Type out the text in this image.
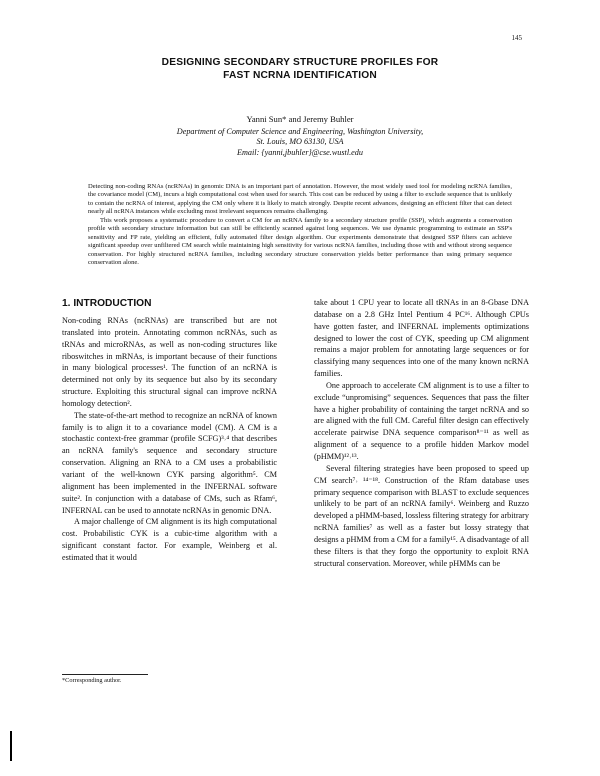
145
DESIGNING SECONDARY STRUCTURE PROFILES FOR
FAST NCRNA IDENTIFICATION
Yanni Sun* and Jeremy Buhler
Department of Computer Science and Engineering, Washington University,
St. Louis, MO 63130, USA
Email: {yanni,jbuhler}@cse.wustl.edu

Detecting non-coding RNAs (ncRNAs) in genomic DNA is an important part of annotation. However, the most widely used tool for modeling ncRNA families, the covariance model (CM), incurs a high computational cost when used for search. This cost can be reduced by using a filter to exclude sequence that is unlikely to contain the ncRNA of interest, applying the CM only where it is likely to match strongly. Despite recent advances, designing an efficient filter that can detect nearly all ncRNA instances while excluding most irrelevant sequences remains challenging.

This work proposes a systematic procedure to convert a CM for an ncRNA family to a secondary structure profile (SSP), which augments a conservation profile with secondary structure information but can still be efficiently scanned against long sequences. We use dynamic programming to estimate an SSP's sensitivity and FP rate, yielding an efficient, fully automated filter design algorithm. Our experiments demonstrate that designed SSP filters can achieve significant speedup over unfiltered CM search while maintaining high sensitivity for various ncRNA families, including those with and without strong sequence conservation. For highly structured ncRNA families, including secondary structure conservation yields better performance than using primary sequence conservation alone.

1. INTRODUCTION

Non-coding RNAs (ncRNAs) are transcribed but are not translated into protein. Annotating common ncRNAs, such as tRNAs and microRNAs, as well as non-coding structures like riboswitches in mRNAs, is important because of their functions in many biological processes¹. The function of an ncRNA is determined not only by its sequence but also by its secondary structure. Exploiting this structural signal can improve ncRNA homology detection².

The state-of-the-art method to recognize an ncRNA of known family is to align it to a covariance model (CM). A CM is a stochastic context-free grammar (profile SCFG)³˒⁴ that describes an ncRNA family's sequence and secondary structure conservation. Aligning an RNA to a CM uses a probabilistic variant of the well-known CYK parsing algorithm⁵. CM alignment has been implemented in the INFERNAL software suite². In conjunction with a database of CMs, such as Rfam⁶, INFERNAL can be used to annotate ncRNAs in genomic DNA.

A major challenge of CM alignment is its high computational cost. Probabilistic CYK is a cubic-time algorithm with a significant constant factor. For example, Weinberg et al. estimated that it would

take about 1 CPU year to locate all tRNAs in an 8-Gbase DNA database on a 2.8 GHz Intel Pentium 4 PC¹⁶. Although CPUs have gotten faster, and INFERNAL implements optimizations designed to lower the cost of CYK, speeding up CM alignment remains a major problem for annotating large sequences or for classifying many sequences into one of the many known ncRNA families.

One approach to accelerate CM alignment is to use a filter to exclude “unpromising” sequences. Sequences that pass the filter have a higher probability of containing the target ncRNA and so are aligned with the full CM. Careful filter design can effectively accelerate pairwise DNA sequence comparison⁸⁻¹¹ as well as alignment of a sequence to a profile hidden Markov model (pHMM)¹²˒¹³.

Several filtering strategies have been proposed to speed up CM search⁷˒ ¹⁴⁻¹⁸. Construction of the Rfam database uses primary sequence comparison with BLAST to exclude sequences unlikely to be part of an ncRNA family⁶. Weinberg and Ruzzo developed a pHMM-based, lossless filtering strategy for arbitrary ncRNA families⁷ as well as a faster but lossy strategy that designs a pHMM from a CM for a family¹⁵. A disadvantage of all these filters is that they forgo the opportunity to exploit RNA structural conservation. Moreover, while pHMMs can be

*Corresponding author.
